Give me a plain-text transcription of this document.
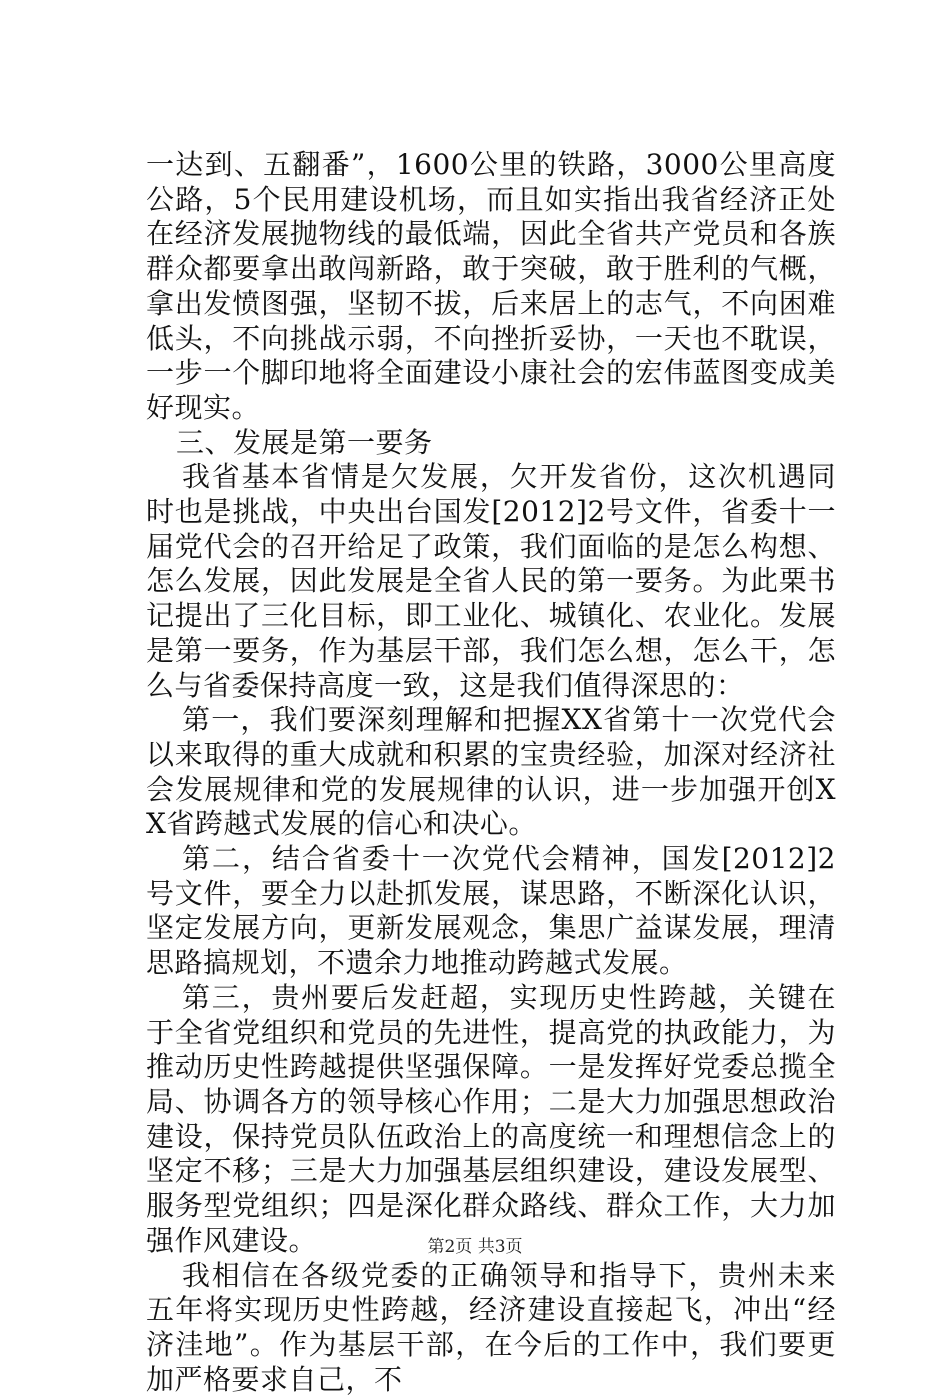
一达到、五翻番”，1600公里的铁路，3000公里高度公路，5个民用建设机场，而且如实指出我省经济正处在经济发展抛物线的最低端，因此全省共产党员和各族群众都要拿出敢闯新路，敢于突破，敢于胜利的气概，拿出发愤图强，坚韧不拔，后来居上的志气，不向困难低头，不向挑战示弱，不向挫折妥协，一天也不耽误，一步一个脚印地将全面建设小康社会的宏伟蓝图变成美好现实。

三、发展是第一要务

我省基本省情是欠发展，欠开发省份，这次机遇同时也是挑战，中央出台国发[2012]2号文件，省委十一届党代会的召开给足了政策，我们面临的是怎么构想、怎么发展，因此发展是全省人民的第一要务。为此栗书记提出了三化目标，即工业化、城镇化、农业化。发展是第一要务，作为基层干部，我们怎么想，怎么干，怎么与省委保持高度一致，这是我们值得深思的：

第一，我们要深刻理解和把握XX省第十一次党代会以来取得的重大成就和积累的宝贵经验，加深对经济社会发展规律和党的发展规律的认识，进一步加强开创XX省跨越式发展的信心和决心。

第二，结合省委十一次党代会精神，国发[2012]2号文件，要全力以赴抓发展，谋思路，不断深化认识，坚定发展方向，更新发展观念，集思广益谋发展，理清思路搞规划，不遗余力地推动跨越式发展。

第三，贵州要后发赶超，实现历史性跨越，关键在于全省党组织和党员的先进性，提高党的执政能力，为推动历史性跨越提供坚强保障。一是发挥好党委总揽全局、协调各方的领导核心作用；二是大力加强思想政治建设，保持党员队伍政治上的高度统一和理想信念上的坚定不移；三是大力加强基层组织建设，建设发展型、服务型党组织；四是深化群众路线、群众工作，大力加强作风建设。

我相信在各级党委的正确领导和指导下，贵州未来五年将实现历史性跨越，经济建设直接起飞，冲出“经济洼地”。作为基层干部，在今后的工作中，我们要更加严格要求自己，不

第2页 共3页
